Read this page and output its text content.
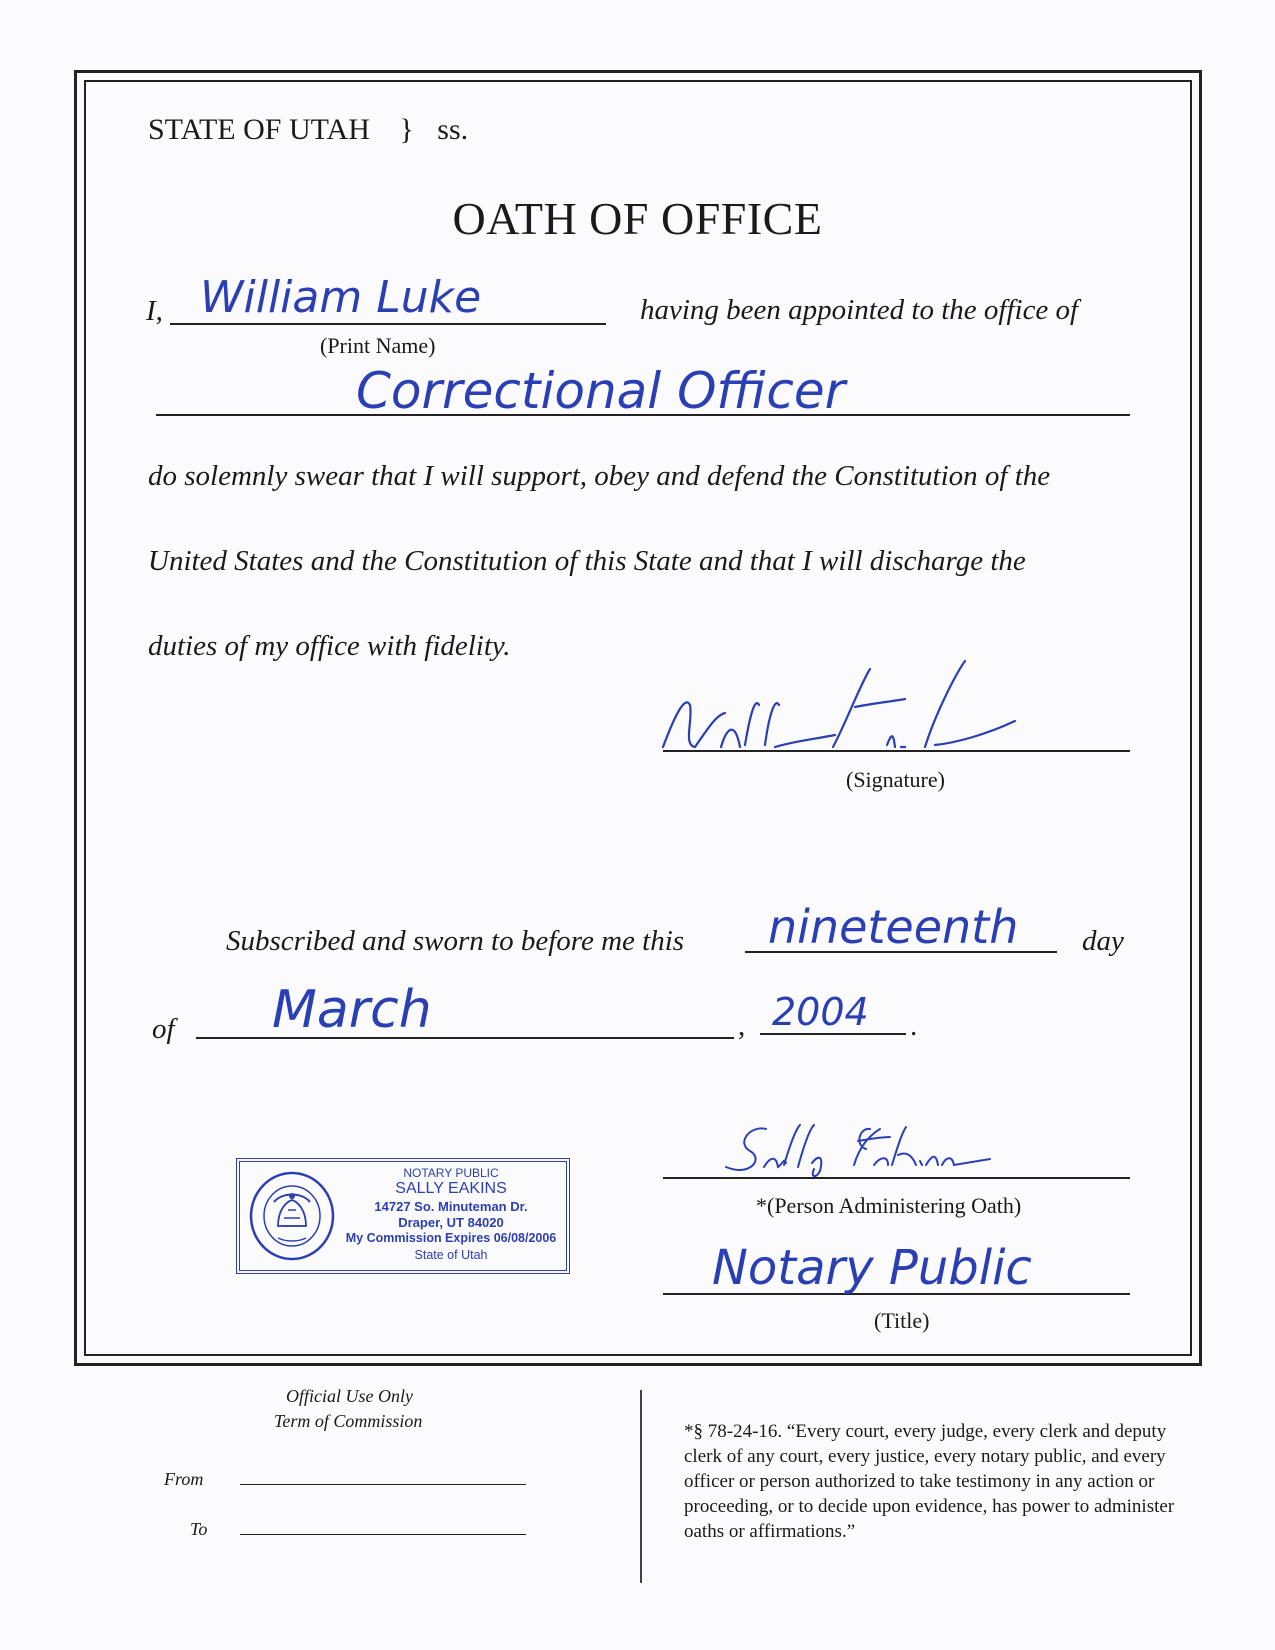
STATE OF UTAH } ss.
OATH OF OFFICE
I, William Luke
(Print Name)
having been appointed to the office of
Correctional Officer
do solemnly swear that I will support, obey and defend the Constitution of the
United States and the Constitution of this State and that I will discharge the
duties of my office with fidelity.
(Signature)
Subscribed and sworn to before me this nineteenth day
of March	, 2004 .
NOTARY PUBLIC
SALLY EAKINS
14727 So. Minuteman Dr.
Draper, UT 84020
My Commission Expires 06/08/2006
State of Utah
*(Person Administering Oath)
Notary Public
(Title)
Official Use Only
Term of Commission
From
To
*§ 78-24-16. “Every court, every judge, every clerk and deputy clerk of any court, every justice, every notary public, and every officer or person authorized to take testimony in any action or proceeding, or to decide upon evidence, has power to administer oaths or affirmations.”
